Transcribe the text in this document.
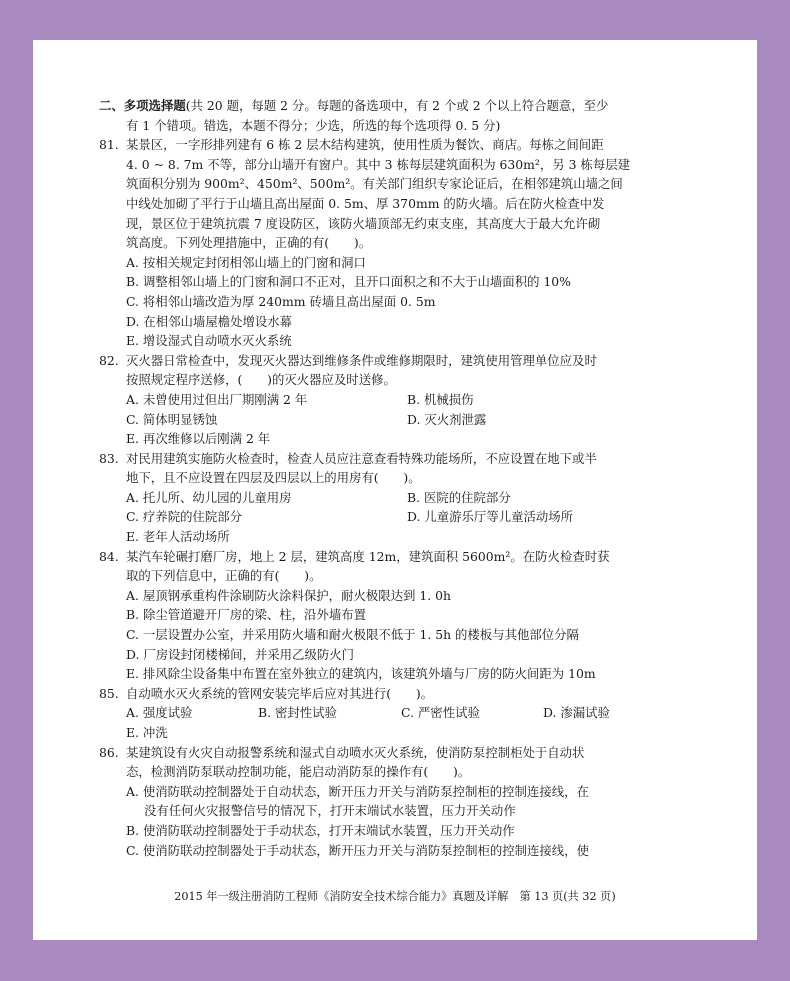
二、多项选择题(共 20 题，每题 2 分。每题的备选项中，有 2 个或 2 个以上符合题意，至少
有 1 个错项。错选，本题不得分；少选，所选的每个选项得 0. 5 分)
81. 某景区，一字形排列建有 6 栋 2 层木结构建筑，使用性质为餐饮、商店。每栋之间间距
4. 0 ~ 8. 7m 不等，部分山墙开有窗户。其中 3 栋每层建筑面积为 630m²，另 3 栋每层建
筑面积分别为 900m²、450m²、500m²。有关部门组织专家论证后，在相邻建筑山墙之间
中线处加砌了平行于山墙且高出屋面 0. 5m、厚 370mm 的防火墙。后在防火检查中发
现，景区位于建筑抗震 7 度设防区，该防火墙顶部无约束支座，其高度大于最大允许砌
筑高度。下列处理措施中，正确的有(　　)。
A. 按相关规定封闭相邻山墙上的门窗和洞口
B. 调整相邻山墙上的门窗和洞口不正对，且开口面积之和不大于山墙面积的 10%
C. 将相邻山墙改造为厚 240mm 砖墙且高出屋面 0. 5m
D. 在相邻山墙屋檐处增设水幕
E. 增设湿式自动喷水灭火系统
82. 灭火器日常检查中，发现灭火器达到维修条件或维修期限时，建筑使用管理单位应及时
按照规定程序送修，(　　)的灭火器应及时送修。
A. 未曾使用过但出厂期刚满 2 年	B. 机械损伤
C. 简体明显锈蚀	D. 灭火剂泄露
E. 再次维修以后刚满 2 年
83. 对民用建筑实施防火检查时，检查人员应注意查看特殊功能场所，不应设置在地下或半
地下，且不应设置在四层及四层以上的用房有(　　)。
A. 托儿所、幼儿园的儿童用房	B. 医院的住院部分
C. 疗养院的住院部分	D. 儿童游乐厅等儿童活动场所
E. 老年人活动场所
84. 某汽车轮碾打磨厂房，地上 2 层，建筑高度 12m，建筑面积 5600m²。在防火检查时获
取的下列信息中，正确的有(　　)。
A. 屋顶钢承重构件涂刷防火涂料保护，耐火极限达到 1. 0h
B. 除尘管道避开厂房的梁、柱，沿外墙布置
C. 一层设置办公室，并采用防火墙和耐火极限不低于 1. 5h 的楼板与其他部位分隔
D. 厂房设封闭楼梯间，并采用乙级防火门
E. 排风除尘设备集中布置在室外独立的建筑内，该建筑外墙与厂房的防火间距为 10m
85. 自动喷水灭火系统的管网安装完毕后应对其进行(　　)。
A. 强度试验	B. 密封性试验	C. 严密性试验	D. 渗漏试验
E. 冲洗
86. 某建筑设有火灾自动报警系统和湿式自动喷水灭火系统，使消防泵控制柜处于自动状
态，检测消防泵联动控制功能，能启动消防泵的操作有(　　)。
A. 使消防联动控制器处于自动状态，断开压力开关与消防泵控制柜的控制连接线，在
没有任何火灾报警信号的情况下，打开末端试水装置，压力开关动作
B. 使消防联动控制器处于手动状态，打开末端试水装置，压力开关动作
C. 使消防联动控制器处于手动状态，断开压力开关与消防泵控制柜的控制连接线，使
2015 年一级注册消防工程师《消防安全技术综合能力》真题及详解　第 13 页(共 32 页)
